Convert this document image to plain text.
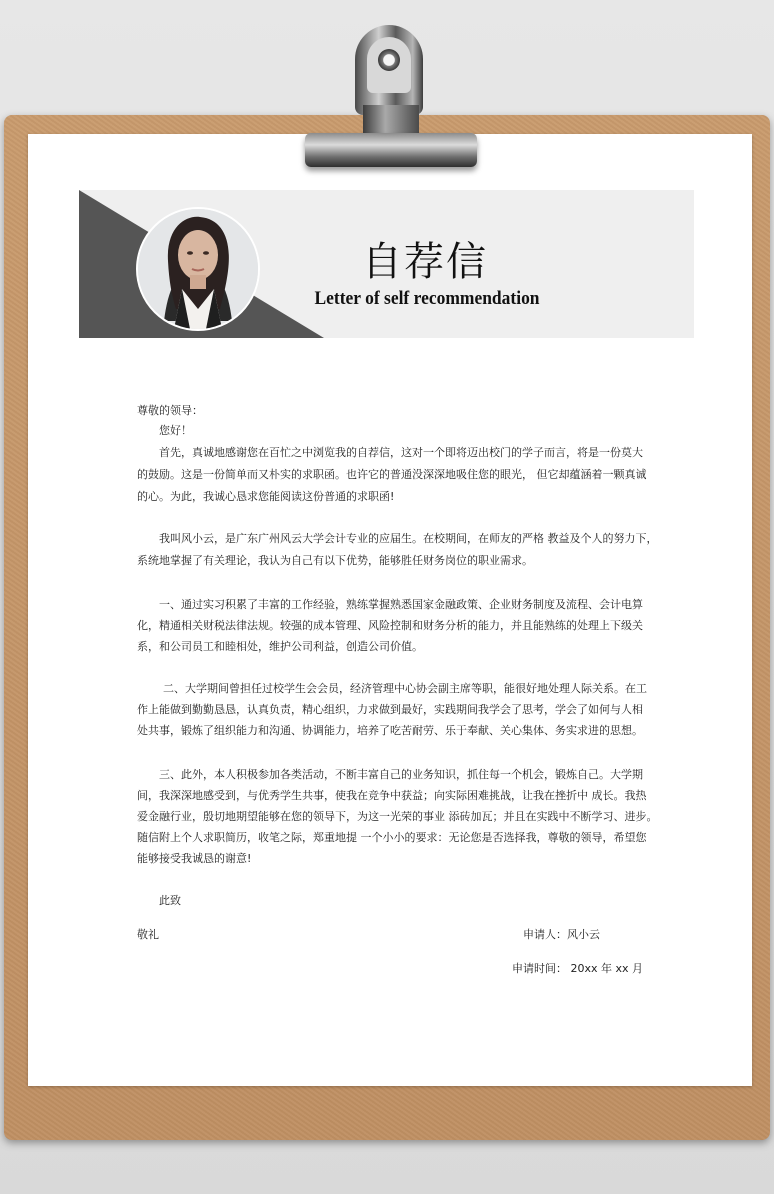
自荐信
Letter of self recommendation
尊敬的领导：
您好！
首先，真诚地感谢您在百忙之中浏览我的自荐信，这对一个即将迈出校门的学子而言，将是一份莫大
的鼓励。这是一份简单而又朴实的求职函。也许它的普通没深深地吸住您的眼光， 但它却蕴涵着一颗真诚
的心。为此，我诚心恳求您能阅读这份普通的求职函!
我叫风小云，是广东广州风云大学会计专业的应届生。在校期间，在师友的严格 教益及个人的努力下，
系统地掌握了有关理论，我认为自己有以下优势，能够胜任财务岗位的职业需求。
一、通过实习积累了丰富的工作经验，熟练掌握熟悉国家金融政策、企业财务制度及流程、会计电算
化，精通相关财税法律法规。较强的成本管理、风险控制和财务分析的能力，并且能熟练的处理上下级关
系，和公司员工和睦相处，维护公司利益，创造公司价值。
二、大学期间曾担任过校学生会会员，经济管理中心协会副主席等职，能很好地处理人际关系。在工
作上能做到勤勤恳恳，认真负责，精心组织，力求做到最好，实践期间我学会了思考，学会了如何与人相
处共事，锻炼了组织能力和沟通、协调能力，培养了吃苦耐劳、乐于奉献、关心集体、务实求进的思想。
三、此外，本人积极参加各类活动，不断丰富自己的业务知识，抓住每一个机会，锻炼自己。大学期
间，我深深地感受到，与优秀学生共事，使我在竞争中获益；向实际困难挑战，让我在挫折中 成长。我热
爱金融行业，殷切地期望能够在您的领导下，为这一光荣的事业 添砖加瓦；并且在实践中不断学习、进步。
随信附上个人求职简历，收笔之际，郑重地提 一个小小的要求：无论您是否选择我，尊敬的领导，希望您
能够接受我诚恳的谢意!
此致
敬礼	申请人：风小云
申请时间： 20xx 年 xx 月
